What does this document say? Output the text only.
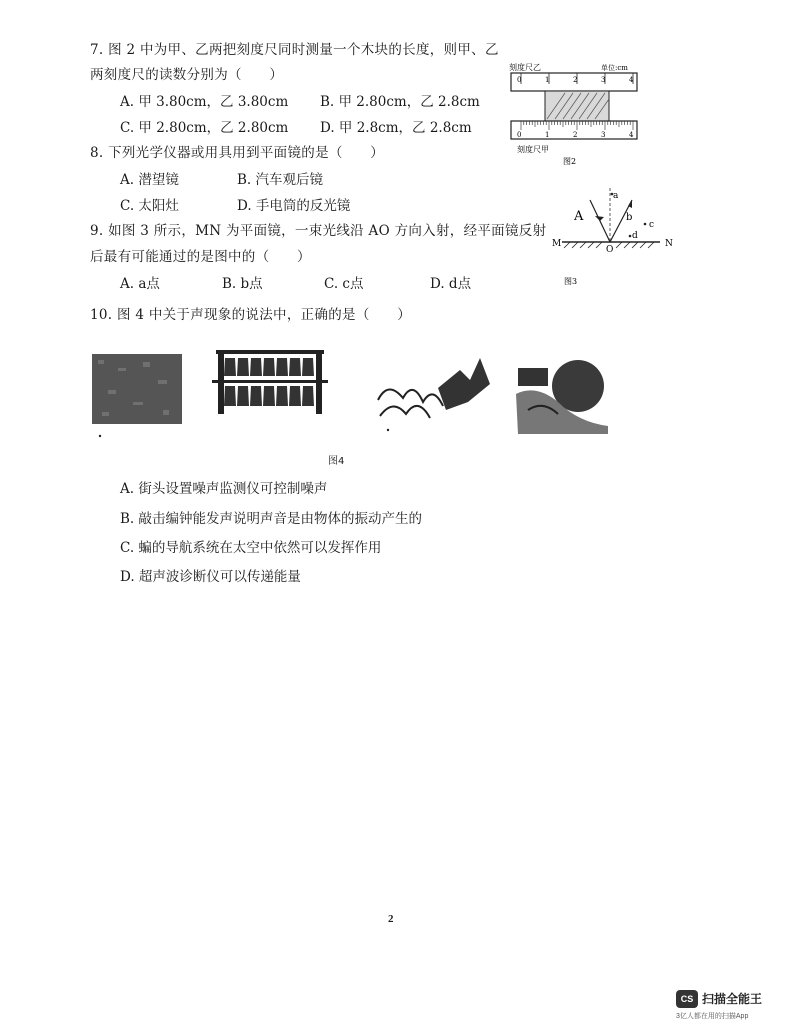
7. 图 2 中为甲、乙两把刻度尺同时测量一个木块的长度，则甲、乙
两刻度尺的读数分别为（　　）
A. 甲 3.80cm，乙 3.80cm B. 甲 2.80cm，乙 2.8cm
C. 甲 2.80cm，乙 2.80cm D. 甲 2.8cm，乙 2.8cm
刻度尺乙	单位:cm
0	1	2	3	4
0	1	2	3	4
刻度尺甲
图2
8. 下列光学仪器或用具用到平面镜的是（　　）
A. 潜望镜	B. 汽车观后镜
C. 太阳灶	D. 手电筒的反光镜
9. 如图 3 所示，MN 为平面镜，一束光线沿 AO 方向入射，经平面镜反射
后最有可能通过的是图中的（　　）
A. a点	B. b点	C. c点	D. d点
A
a
b
c
d
M	N
O
图3
10. 图 4 中关于声现象的说法中，正确的是（　　）
图4
A. 街头设置噪声监测仪可控制噪声
B. 敲击编钟能发声说明声音是由物体的振动产生的
C. 蝙的导航系统在太空中依然可以发挥作用
D. 超声波诊断仪可以传递能量
2
CS 扫描全能王
3亿人都在用的扫描App
